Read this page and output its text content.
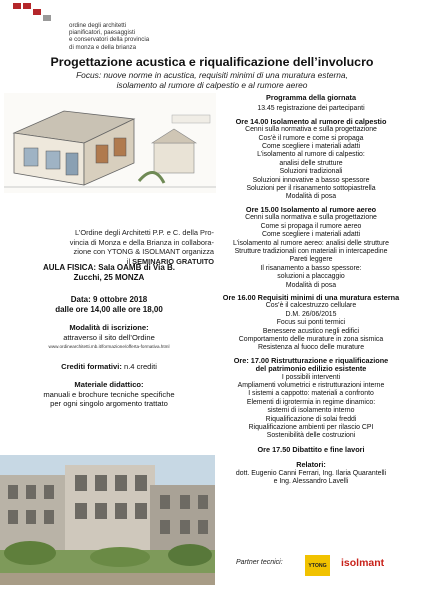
ordine degli architetti
pianificatori, paesaggisti
e conservatori della provincia
di monza e della brianza
Progettazione acustica e riqualificazione dell’involucro
Focus: nuove norme in acustica, requisiti minimi di una muratura esterna,
isolamento al rumore di calpestio e al rumore aereo
L’Ordine degli Architetti P.P. e C. della Pro-
vincia di Monza e della Brianza in collabora-
zione con YTONG & ISOLMANT organizza
il SEMINARIO GRATUITO
AULA FISICA: Sala OAMB di Via B.
Zucchi, 25 MONZA
Data: 9 ottobre 2018
dalle ore 14,00 alle ore 18,00
Modalità di iscrizione:
attraverso il sito dell’Ordine
www.ordinearchitetti.mb.it/formazione/offerta-formativa.html
Crediti formativi: n.4 crediti
Materiale didattico:
manuali e brochure tecniche specifiche
per ogni singolo argomento trattato
Programma della giornata
13.45 registrazione dei partecipanti
Ore 14.00 Isolamento al rumore di calpestio
Cenni sulla normativa e sulla progettazione
Cos’è il rumore e come si propaga
Come scegliere i materiali adatti
L’isolamento al rumore di calpestio:
analisi delle strutture
Soluzioni tradizionali
Soluzioni innovative a basso spessore
Soluzioni per il risanamento sottopiastrella
Modalità di posa
Ore 15.00 Isolamento al rumore aereo
Cenni sulla normativa e sulla progettazione
Come si propaga il rumore aereo
Come scegliere i materiali adatti
L’isolamento al rumore aereo: analisi delle strutture
Strutture tradizionali con materiali in intercapedine
Pareti leggere
Il risanamento a basso spessore:
soluzioni a placcaggio
Modalità di posa
Ore 16.00 Requisiti minimi di una muratura esterna
Cos’è il calcestruzzo cellulare
D.M. 26/06/2015
Focus sui ponti termici
Benessere acustico negli edifici
Comportamento delle murature in zona sismica
Resistenza al fuoco delle murature
Ore: 17.00 Ristrutturazione e riqualificazione
del patrimonio edilizio esistente
I possibili interventi
Ampliamenti volumetrici e ristrutturazioni interne
I sistemi a cappotto: materiali a confronto
Elementi di igrotermia in regime dinamico:
sistemi di isolamento interno
Riqualificazione di solai freddi
Riqualificazione ambienti per rilascio CPI
Sostenibilità delle costruzioni
Ore 17.50 Dibattito e fine lavori
Relatori:
dott. Eugenio Canni Ferrari, Ing. Ilaria Quarantelli
e Ing. Alessandro Lavelli
Partner tecnici:	YTONG	isolmant
